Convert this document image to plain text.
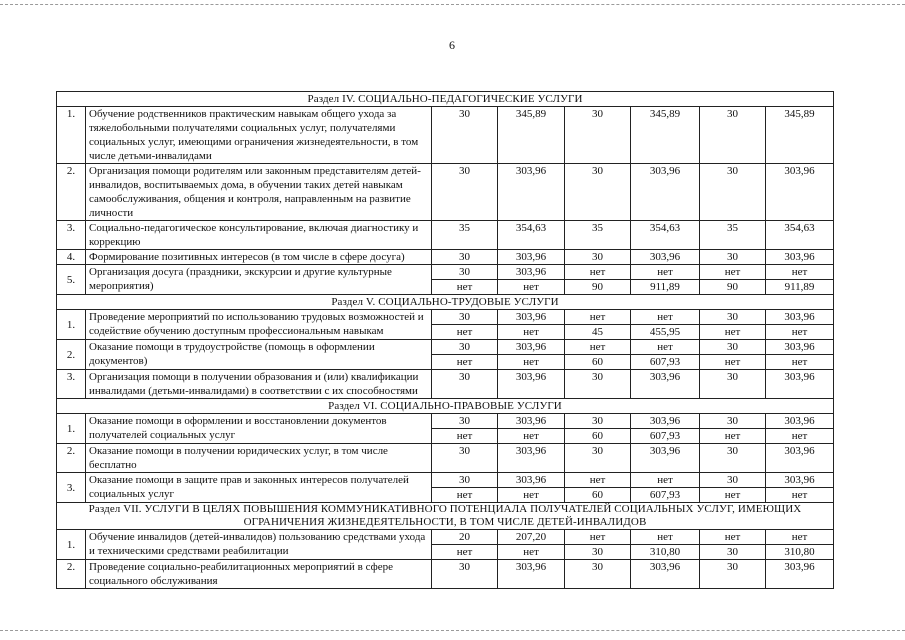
6
Раздел IV. СОЦИАЛЬНО-ПЕДАГОГИЧЕСКИЕ УСЛУГИ							
1.	Обучение родственников практическим навыкам общего ухода за тяжелобольными получателями социальных услуг, получателями социальных услуг, имеющими ограничения жизнедеятельности, в том числе детьми-инвалидами	30	345,89	30	345,89	30	345,89
2.	Организация помощи родителям или законным представителям детей-инвалидов, воспитываемых дома, в обучении таких детей навыкам самообслуживания, общения и контроля, направленным на развитие личности	30	303,96	30	303,96	30	303,96
3.	Социально-педагогическое консультирование, включая диагностику и коррекцию	35	354,63	35	354,63	35	354,63
4.	Формирование позитивных интересов (в том числе в сфере досуга)	30	303,96	30	303,96	30	303,96
5.	Организация досуга (праздники, экскурсии и другие культурные мероприятия)	30	303,96	нет	нет	нет	нет
		нет	нет	90	911,89	90	911,89
Раздел V. СОЦИАЛЬНО-ТРУДОВЫЕ УСЛУГИ							
1.	Проведение мероприятий по использованию трудовых возможностей и содействие обучению доступным профессиональным навыкам	30	303,96	нет	нет	30	303,96
		нет	нет	45	455,95	нет	нет
2.	Оказание помощи в трудоустройстве (помощь в оформлении документов)	30	303,96	нет	нет	30	303,96
		нет	нет	60	607,93	нет	нет
3.	Организация помощи в получении образования и (или) квалификации инвалидами (детьми-инвалидами) в соответствии с их способностями	30	303,96	30	303,96	30	303,96
Раздел VI. СОЦИАЛЬНО-ПРАВОВЫЕ УСЛУГИ							
1.	Оказание помощи в оформлении и восстановлении документов получателей социальных услуг	30	303,96	30	303,96	30	303,96
		нет	нет	60	607,93	нет	нет
2.	Оказание помощи в получении юридических услуг, в том числе бесплатно	30	303,96	30	303,96	30	303,96
3.	Оказание помощи в защите прав и законных интересов получателей социальных услуг	30	303,96	нет	нет	30	303,96
		нет	нет	60	607,93	нет	нет
Раздел VII. УСЛУГИ В ЦЕЛЯХ ПОВЫШЕНИЯ КОММУНИКАТИВНОГО ПОТЕНЦИАЛА ПОЛУЧАТЕЛЕЙ СОЦИАЛЬНЫХ УСЛУГ, ИМЕЮЩИХ ОГРАНИЧЕНИЯ ЖИЗНЕДЕЯТЕЛЬНОСТИ, В ТОМ ЧИСЛЕ ДЕТЕЙ-ИНВАЛИДОВ							
1.	Обучение инвалидов (детей-инвалидов) пользованию средствами ухода и техническими средствами реабилитации	20	207,20	нет	нет	нет	нет
		нет	нет	30	310,80	30	310,80
2.	Проведение социально-реабилитационных мероприятий в сфере социального обслуживания	30	303,96	30	303,96	30	303,96
